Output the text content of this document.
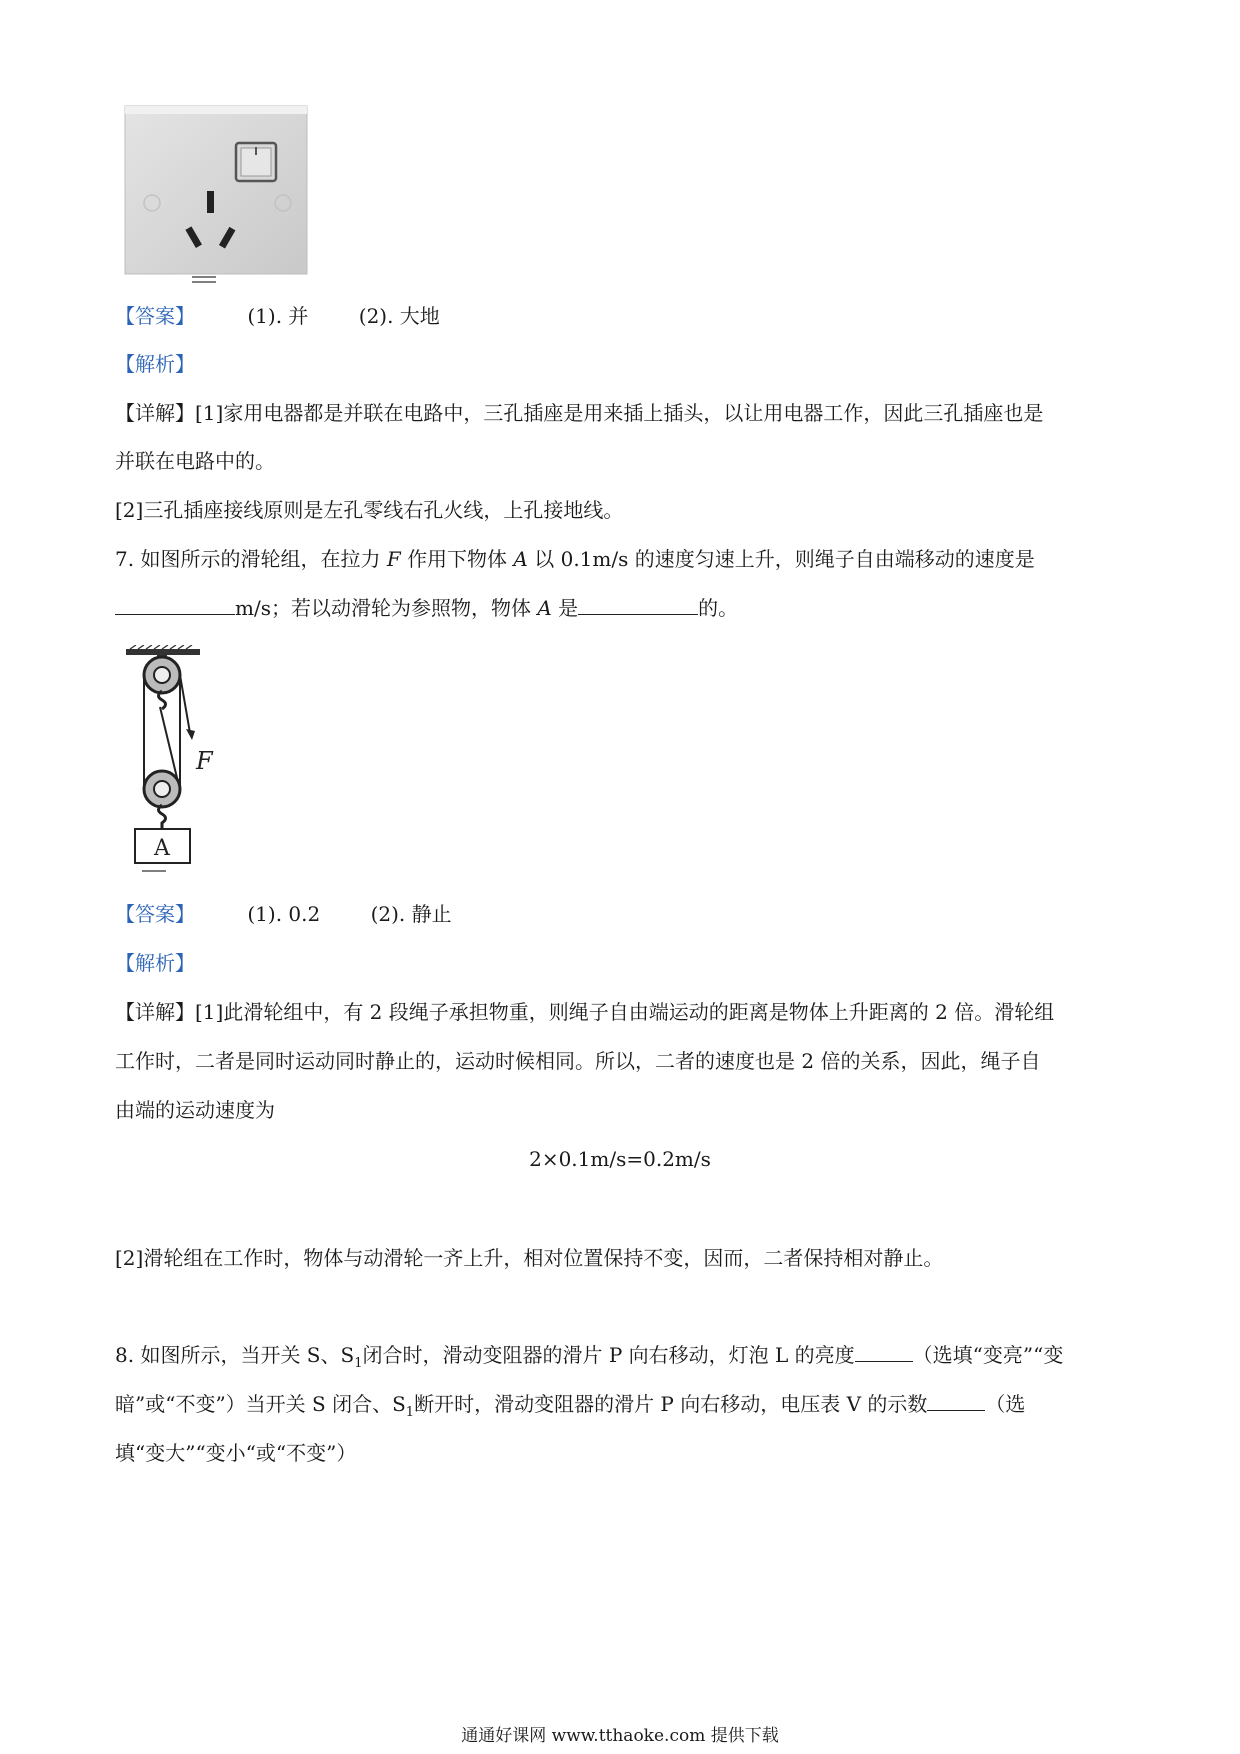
【答案】	(1). 并	(2). 大地
【解析】
【详解】[1]家用电器都是并联在电路中，三孔插座是用来插上插头，以让用电器工作，因此三孔插座也是
并联在电路中的。
[2]三孔插座接线原则是左孔零线右孔火线，上孔接地线。
7. 如图所示的滑轮组，在拉力 F 作用下物体 A 以 0.1m/s 的速度匀速上升，则绳子自由端移动的速度是
m/s；若以动滑轮为参照物，物体 A 是	的。
F
A
【答案】	(1). 0.2	(2). 静止
【解析】
【详解】[1]此滑轮组中，有 2 段绳子承担物重，则绳子自由端运动的距离是物体上升距离的 2 倍。滑轮组
工作时，二者是同时运动同时静止的，运动时候相同。所以，二者的速度也是 2 倍的关系，因此，绳子自
由端的运动速度为
2×0.1m/s=0.2m/s
[2]滑轮组在工作时，物体与动滑轮一齐上升，相对位置保持不变，因而，二者保持相对静止。
8. 如图所示，当开关 S、$S_1$闭合时，滑动变阻器的滑片 P 向右移动，灯泡 L 的亮度	（选填“变亮”“变
暗”或“不变”）当开关 S 闭合、$S_1$断开时，滑动变阻器的滑片 P 向右移动，电压表 V 的示数	（选
填“变大”“变小“或“不变”）
通通好课网 www.tthaoke.com 提供下载
